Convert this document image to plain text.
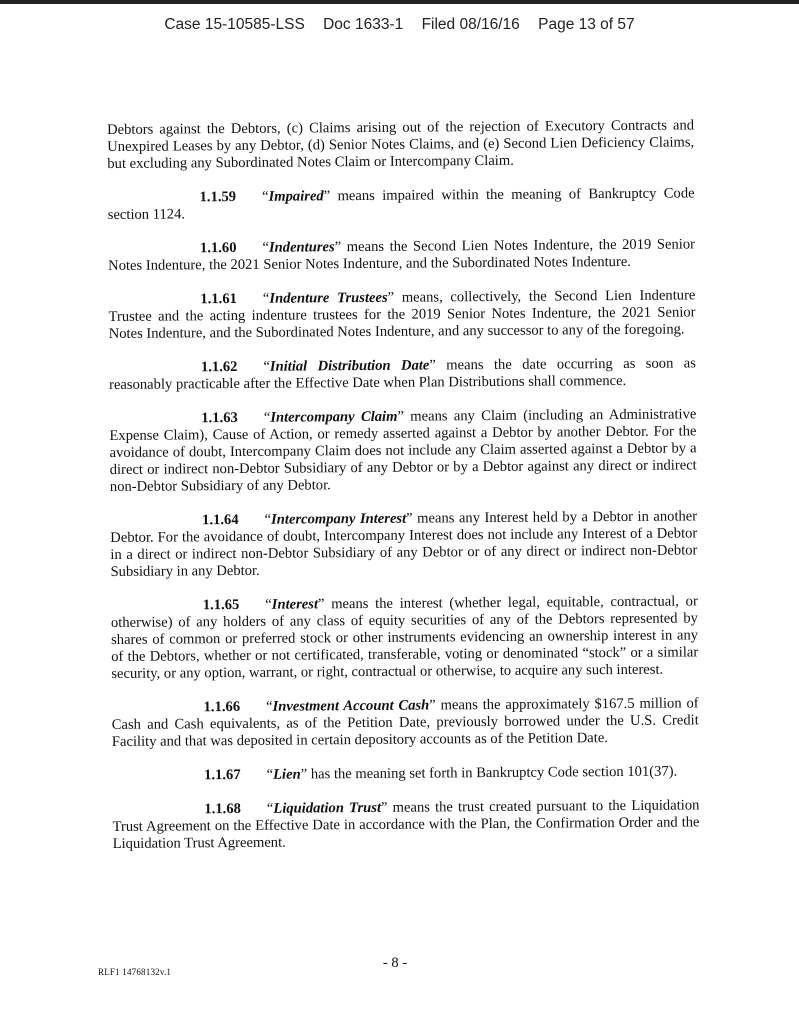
Case 15-10585-LSS Doc 1633-1 Filed 08/16/16 Page 13 of 57

Debtors against the Debtors, (c) Claims arising out of the rejection of Executory Contracts and Unexpired Leases by any Debtor, (d) Senior Notes Claims, and (e) Second Lien Deficiency Claims, but excluding any Subordinated Notes Claim or Intercompany Claim.

1.1.59 “Impaired” means impaired within the meaning of Bankruptcy Code section 1124.

1.1.60 “Indentures” means the Second Lien Notes Indenture, the 2019 Senior Notes Indenture, the 2021 Senior Notes Indenture, and the Subordinated Notes Indenture.

1.1.61 “Indenture Trustees” means, collectively, the Second Lien Indenture Trustee and the acting indenture trustees for the 2019 Senior Notes Indenture, the 2021 Senior Notes Indenture, and the Subordinated Notes Indenture, and any successor to any of the foregoing.

1.1.62 “Initial Distribution Date” means the date occurring as soon as reasonably practicable after the Effective Date when Plan Distributions shall commence.

1.1.63 “Intercompany Claim” means any Claim (including an Administrative Expense Claim), Cause of Action, or remedy asserted against a Debtor by another Debtor. For the avoidance of doubt, Intercompany Claim does not include any Claim asserted against a Debtor by a direct or indirect non-Debtor Subsidiary of any Debtor or by a Debtor against any direct or indirect non-Debtor Subsidiary of any Debtor.

1.1.64 “Intercompany Interest” means any Interest held by a Debtor in another Debtor. For the avoidance of doubt, Intercompany Interest does not include any Interest of a Debtor in a direct or indirect non-Debtor Subsidiary of any Debtor or of any direct or indirect non-Debtor Subsidiary in any Debtor.

1.1.65 “Interest” means the interest (whether legal, equitable, contractual, or otherwise) of any holders of any class of equity securities of any of the Debtors represented by shares of common or preferred stock or other instruments evidencing an ownership interest in any of the Debtors, whether or not certificated, transferable, voting or denominated “stock” or a similar security, or any option, warrant, or right, contractual or otherwise, to acquire any such interest.

1.1.66 “Investment Account Cash” means the approximately $167.5 million of Cash and Cash equivalents, as of the Petition Date, previously borrowed under the U.S. Credit Facility and that was deposited in certain depository accounts as of the Petition Date.

1.1.67 “Lien” has the meaning set forth in Bankruptcy Code section 101(37).

1.1.68 “Liquidation Trust” means the trust created pursuant to the Liquidation Trust Agreement on the Effective Date in accordance with the Plan, the Confirmation Order and the Liquidation Trust Agreement.

- 8 -
RLF1 14768132v.1
